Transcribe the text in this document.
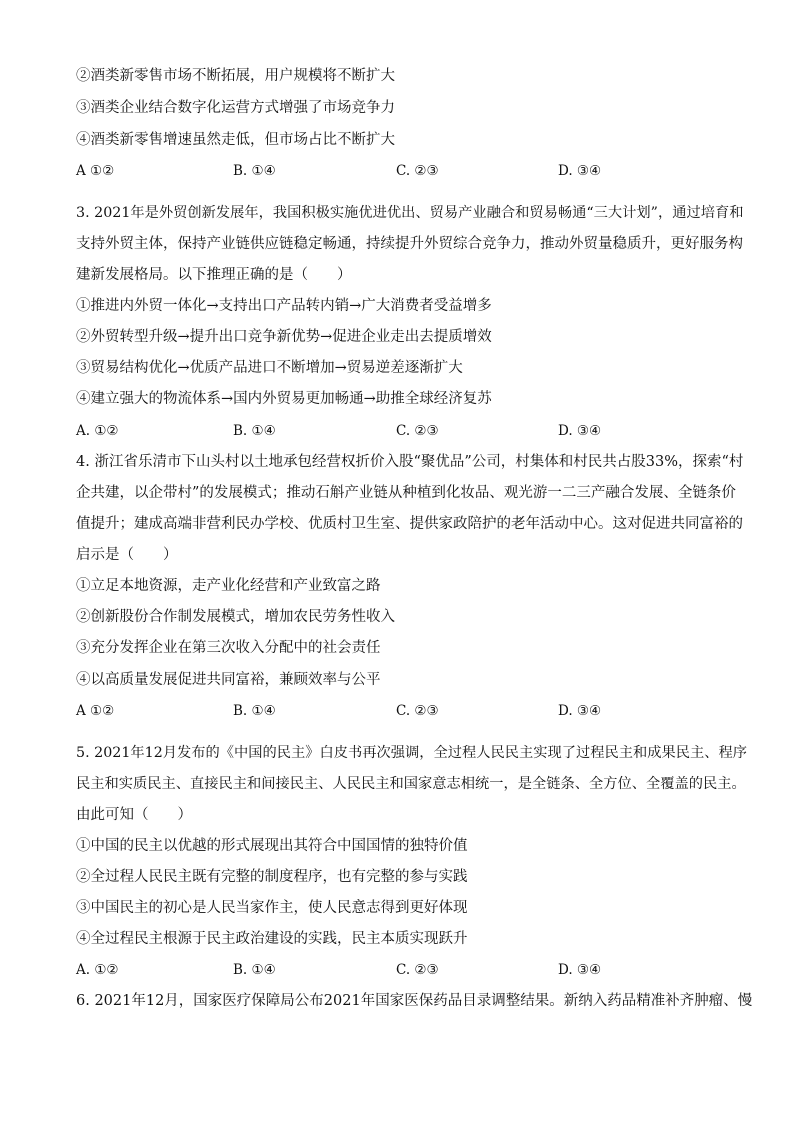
②酒类新零售市场不断拓展，用户规模将不断扩大
③酒类企业结合数字化运营方式增强了市场竞争力
④酒类新零售增速虽然走低，但市场占比不断扩大
A ①②	B. ①④	C. ②③	D. ③④
3. 2021年是外贸创新发展年，我国积极实施优进优出、贸易产业融合和贸易畅通“三大计划”，通过培育和
支持外贸主体，保持产业链供应链稳定畅通，持续提升外贸综合竞争力，推动外贸量稳质升，更好服务构
建新发展格局。以下推理正确的是（　　）
①推进内外贸一体化→支持出口产品转内销→广大消费者受益增多
②外贸转型升级→提升出口竞争新优势→促进企业走出去提质增效
③贸易结构优化→优质产品进口不断增加→贸易逆差逐渐扩大
④建立强大的物流体系→国内外贸易更加畅通→助推全球经济复苏
A. ①②	B. ①④	C. ②③	D. ③④
4. 浙江省乐清市下山头村以土地承包经营权折价入股“聚优品”公司，村集体和村民共占股33%，探索“村
企共建，以企带村”的发展模式；推动石斛产业链从种植到化妆品、观光游一二三产融合发展、全链条价
值提升；建成高端非营利民办学校、优质村卫生室、提供家政陪护的老年活动中心。这对促进共同富裕的
启示是（　　）
①立足本地资源，走产业化经营和产业致富之路
②创新股份合作制发展模式，增加农民劳务性收入
③充分发挥企业在第三次收入分配中的社会责任
④以高质量发展促进共同富裕，兼顾效率与公平
A ①②	B. ①④	C. ②③	D. ③④
5. 2021年12月发布的《中国的民主》白皮书再次强调，全过程人民民主实现了过程民主和成果民主、程序
民主和实质民主、直接民主和间接民主、人民民主和国家意志相统一，是全链条、全方位、全覆盖的民主。
由此可知（　　）
①中国的民主以优越的形式展现出其符合中国国情的独特价值
②全过程人民民主既有完整的制度程序，也有完整的参与实践
③中国民主的初心是人民当家作主，使人民意志得到更好体现
④全过程民主根源于民主政治建设的实践，民主本质实现跃升
A. ①②	B. ①④	C. ②③	D. ③④
6. 2021年12月，国家医疗保障局公布2021年国家医保药品目录调整结果。新纳入药品精准补齐肿瘤、慢
